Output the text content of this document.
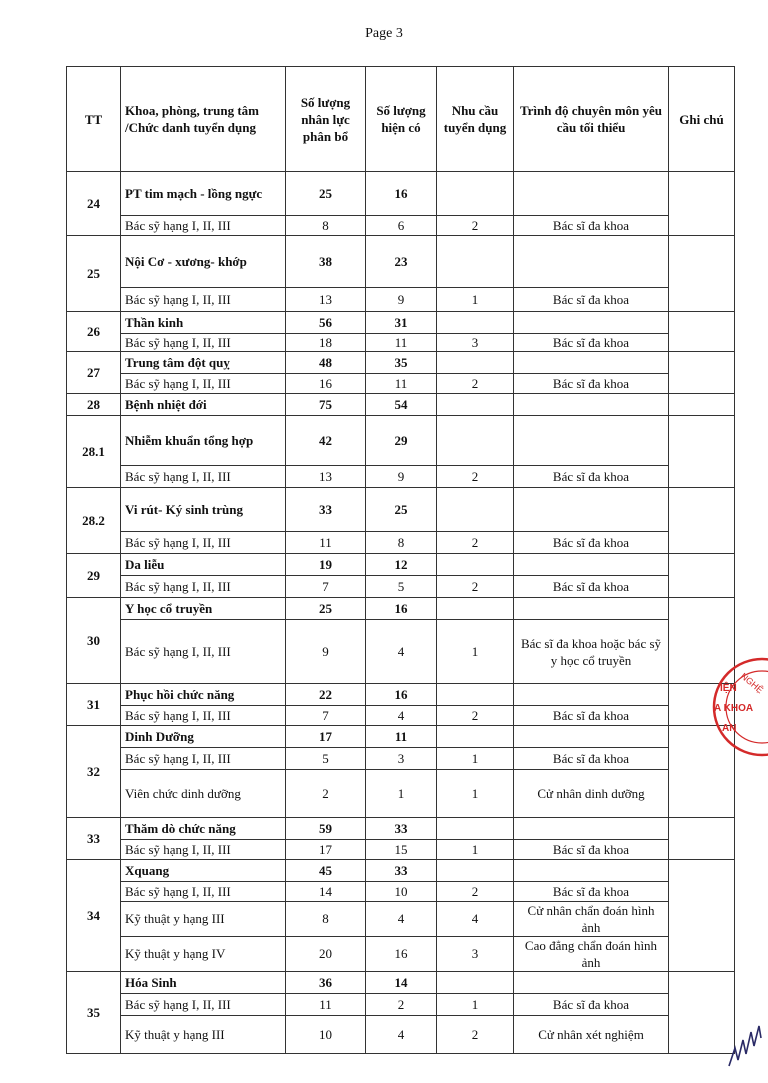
Page 3
TT	Khoa, phòng, trung tâm /Chức danh tuyển dụng	Số lượng nhân lực phân bổ	Số lượng hiện có	Nhu cầu tuyển dụng	Trình độ chuyên môn yêu cầu tối thiểu	Ghi chú
24	PT tim mạch - lồng ngực	25	16			
	Bác sỹ hạng I, II, III	8	6	2	Bác sĩ đa khoa	
25	Nội Cơ - xương- khớp	38	23			
	Bác sỹ hạng I, II, III	13	9	1	Bác sĩ đa khoa	
26	Thần kinh	56	31			
	Bác sỹ hạng I, II, III	18	11	3	Bác sĩ đa khoa	
27	Trung tâm đột quỵ	48	35			
	Bác sỹ hạng I, II, III	16	11	2	Bác sĩ đa khoa	
28	Bệnh nhiệt đới	75	54			
28.1	Nhiễm khuẩn tổng hợp	42	29			
	Bác sỹ hạng I, II, III	13	9	2	Bác sĩ đa khoa	
28.2	Vi rút- Ký sinh trùng	33	25			
	Bác sỹ hạng I, II, III	11	8	2	Bác sĩ đa khoa	
29	Da liễu	19	12			
	Bác sỹ hạng I, II, III	7	5	2	Bác sĩ đa khoa	
30	Y học cổ truyền	25	16			
	Bác sỹ hạng I, II, III	9	4	1	Bác sĩ đa khoa hoặc bác sỹ y học cổ truyền	
31	Phục hồi chức năng	22	16			
	Bác sỹ hạng I, II, III	7	4	2	Bác sĩ đa khoa	
32	Dinh Dưỡng	17	11			
	Bác sỹ hạng I, II, III	5	3	1	Bác sĩ đa khoa	
	Viên chức dinh dưỡng	2	1	1	Cử nhân dinh dưỡng	
33	Thăm dò chức năng	59	33			
	Bác sỹ hạng I, II, III	17	15	1	Bác sĩ đa khoa	
34	Xquang	45	33			
	Bác sỹ hạng I, II, III	14	10	2	Bác sĩ đa khoa	
	Kỹ thuật y hạng III	8	4	4	Cử nhân chẩn đoán hình ảnh	
	Kỹ thuật y hạng IV	20	16	3	Cao đẳng chẩn đoán hình ảnh	
35	Hóa Sinh	36	14			
	Bác sỹ hạng I, II, III	11	2	1	Bác sĩ đa khoa	
	Kỹ thuật y hạng III	10	4	2	Cử nhân xét nghiệm	
IỆN
A KHOA
AN
NGHỆ
